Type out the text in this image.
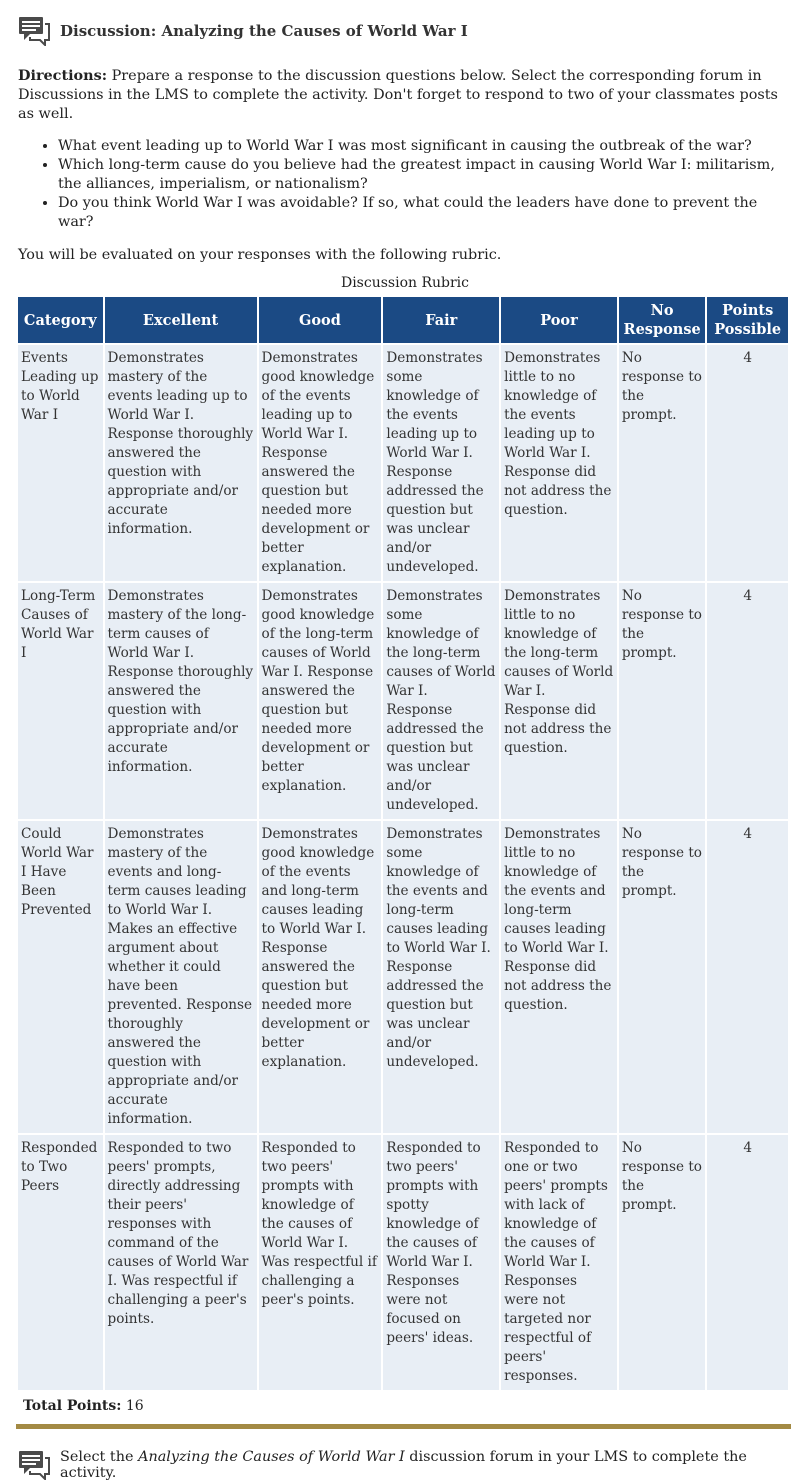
Discussion: Analyzing the Causes of World War I
Directions: Prepare a response to the discussion questions below. Select the corresponding forum in Discussions in the LMS to complete the activity. Don't forget to respond to two of your classmates posts as well.
• What event leading up to World War I was most significant in causing the outbreak of the war?
• Which long-term cause do you believe had the greatest impact in causing World War I: militarism, the alliances, imperialism, or nationalism?
• Do you think World War I was avoidable? If so, what could the leaders have done to prevent the war?
You will be evaluated on your responses with the following rubric.
Discussion Rubric
Category	Excellent	Good	Fair	Poor	No Response	Points Possible
Events Leading up to World War I	Demonstrates mastery of the events leading up to World War I. Response thoroughly answered the question with appropriate and/or accurate information.	Demonstrates good knowledge of the events leading up to World War I. Response answered the question but needed more development or better explanation.	Demonstrates some knowledge of the events leading up to World War I. Response addressed the question but was unclear and/or undeveloped.	Demonstrates little to no knowledge of the events leading up to World War I. Response did not address the question.	No response to the prompt.	4
Long-Term Causes of World War I	Demonstrates mastery of the long-term causes of World War I. Response thoroughly answered the question with appropriate and/or accurate information.	Demonstrates good knowledge of the long-term causes of World War I. Response answered the question but needed more development or better explanation.	Demonstrates some knowledge of the long-term causes of World War I. Response addressed the question but was unclear and/or undeveloped.	Demonstrates little to no knowledge of the long-term causes of World War I. Response did not address the question.	No response to the prompt.	4
Could World War I Have Been Prevented	Demonstrates mastery of the events and long-term causes leading to World War I. Makes an effective argument about whether it could have been prevented. Response thoroughly answered the question with appropriate and/or accurate information.	Demonstrates good knowledge of the events and long-term causes leading to World War I. Response answered the question but needed more development or better explanation.	Demonstrates some knowledge of the events and long-term causes leading to World War I. Response addressed the question but was unclear and/or undeveloped.	Demonstrates little to no knowledge of the events and long-term causes leading to World War I. Response did not address the question.	No response to the prompt.	4
Responded to Two Peers	Responded to two peers' prompts, directly addressing their peers' responses with command of the causes of World War I. Was respectful if challenging a peer's points.	Responded to two peers' prompts with knowledge of the causes of World War I. Was respectful if challenging a peer's points.	Responded to two peers' prompts with spotty knowledge of the causes of World War I. Responses were not focused on peers' ideas.	Responded to one or two peers' prompts with lack of knowledge of the causes of World War I. Responses were not targeted nor respectful of peers' responses.	No response to the prompt.	4
Total Points: 16
Select the Analyzing the Causes of World War I discussion forum in your LMS to complete the activity.
